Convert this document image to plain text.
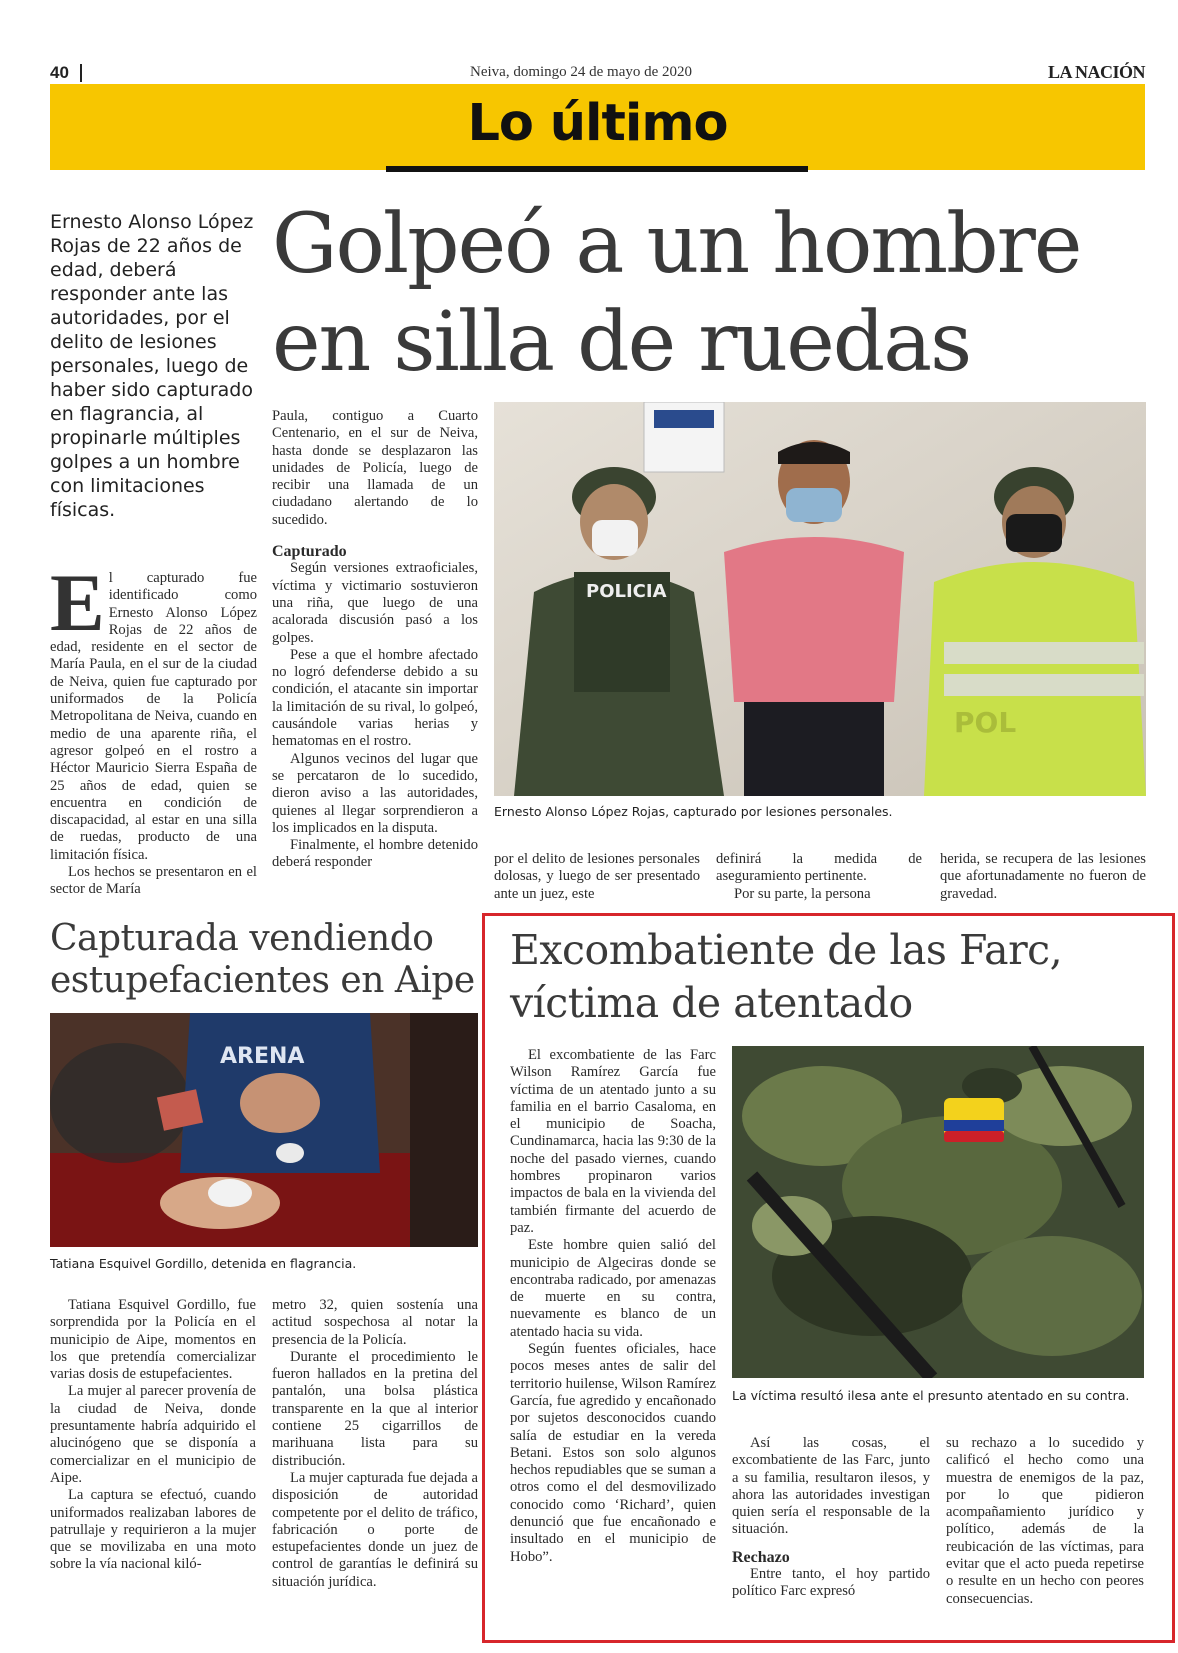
40	Neiva, domingo 24 de mayo de 2020	LA NACIÓN
Lo último
Ernesto Alonso López Rojas de 22 años de edad, deberá responder ante las autoridades, por el delito de lesiones personales, luego de haber sido capturado en flagrancia, al propinarle múltiples golpes a un hombre con limitaciones físicas.
Golpeó a un hombre
en silla de ruedas
E l capturado fue identificado como Ernesto Alonso López Rojas de 22 años de edad, residente en el sector de María Paula, en el sur de la ciudad de Neiva, quien fue capturado por uniformados de la Policía Metropolitana de Neiva, cuando en medio de una aparente riña, el agresor golpeó en el rostro a Héctor Mauricio Sierra España de 25 años de edad, quien se encuentra en condición de discapacidad, al estar en una silla de ruedas, producto de una limitación física.

Los hechos se presentaron en el sector de María

Paula, contiguo a Cuarto Centenario, en el sur de Neiva, hasta donde se desplazaron las unidades de Policía, luego de recibir una llamada de un ciudadano alertando de lo sucedido.

Capturado

Según versiones extraoficiales, víctima y victimario sostuvieron una riña, que luego de una acalorada discusión pasó a los golpes.

Pese a que el hombre afectado no logró defenderse debido a su condición, el atacante sin importar la limitación de su rival, lo golpeó, causándole varias herias y hematomas en el rostro.

Algunos vecinos del lugar que se percataron de lo sucedido, dieron aviso a las autoridades, quienes al llegar sorprendieron a los implicados en la disputa.

Finalmente, el hombre detenido deberá responder

POLICIA
POL
Ernesto Alonso López Rojas, capturado por lesiones personales.

por el delito de lesiones personales dolosas, y luego de ser presentado ante un juez, este

definirá la medida de aseguramiento pertinente.

Por su parte, la persona

herida, se recupera de las lesiones que afortunadamente no fueron de gravedad.

Capturada vendiendo
estupefacientes en Aipe
ARENA
Tatiana Esquivel Gordillo, detenida en flagrancia.

Tatiana Esquivel Gordillo, fue sorprendida por la Policía en el municipio de Aipe, momentos en los que pretendía comercializar varias dosis de estupefacientes.

La mujer al parecer provenía de la ciudad de Neiva, donde presuntamente habría adquirido el alucinógeno que se disponía a comercializar en el municipio de Aipe.

La captura se efectuó, cuando uniformados realizaban labores de patrullaje y requirieron a la mujer que se movilizaba en una moto sobre la vía nacional kiló-

metro 32, quien sostenía una actitud sospechosa al notar la presencia de la Policía.

Durante el procedimiento le fueron hallados en la pretina del pantalón, una bolsa plástica transparente en la que al interior contiene 25 cigarrillos de marihuana lista para su distribución.

La mujer capturada fue dejada a disposición de autoridad competente por el delito de tráfico, fabricación o porte de estupefacientes donde un juez de control de garantías le definirá su situación jurídica.

Excombatiente de las Farc,
víctima de atentado

El excombatiente de las Farc Wilson Ramírez García fue víctima de un atentado junto a su familia en el barrio Casaloma, en el municipio de Soacha, Cundinamarca, hacia las 9:30 de la noche del pasado viernes, cuando hombres propinaron varios impactos de bala en la vivienda del también firmante del acuerdo de paz.

Este hombre quien salió del municipio de Algeciras donde se encontraba radicado, por amenazas de muerte en su contra, nuevamente es blanco de un atentado hacia su vida.

Según fuentes oficiales, hace pocos meses antes de salir del territorio huilense, Wilson Ramírez García, fue agredido y encañonado por sujetos desconocidos cuando salía de estudiar en la vereda Betani. Estos son solo algunos hechos repudiables que se suman a otros como el del desmovilizado conocido como ‘Richard’, quien denunció que fue encañonado e insultado en el municipio de Hobo”.

La víctima resultó ilesa ante el presunto atentado en su contra.

Así las cosas, el excombatiente de las Farc, junto a su familia, resultaron ilesos, y ahora las autoridades investigan quien sería el responsable de la situación.

Rechazo

Entre tanto, el hoy partido político Farc expresó

su rechazo a lo sucedido y calificó el hecho como una muestra de enemigos de la paz, por lo que pidieron acompañamiento jurídico y político, además de la reubicación de las víctimas, para evitar que el acto pueda repetirse o resulte en un hecho con peores consecuencias.
